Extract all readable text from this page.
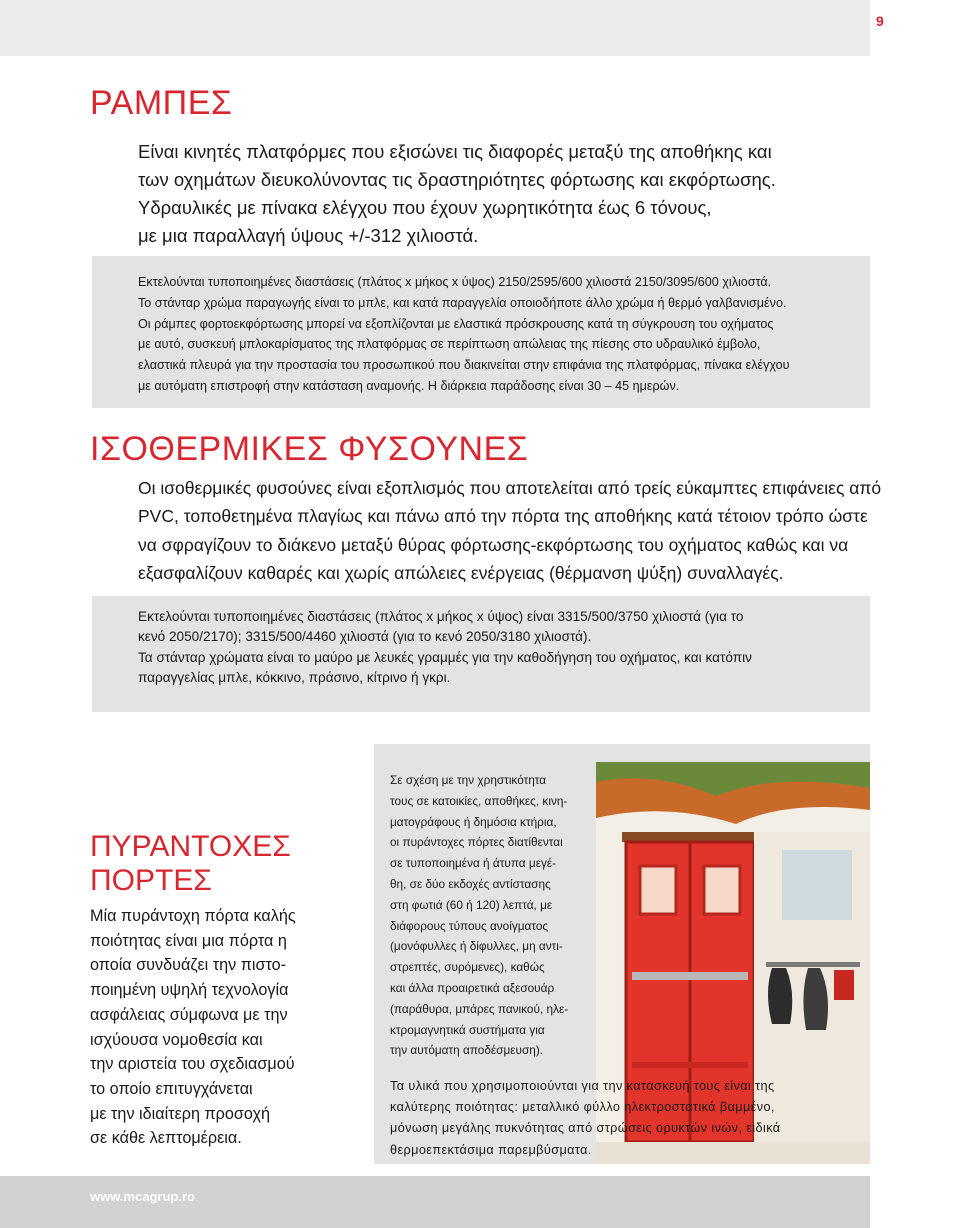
ΡΑΜΠΕΣ
Είναι κινητές πλατφόρμες που εξισώνει τις διαφορές μεταξύ της αποθήκης και
των οχημάτων διευκολύνοντας τις δραστηριότητες φόρτωσης και εκφόρτωσης.
Υδραυλικές με πίνακα ελέγχου που έχουν χωρητικότητα έως 6 τόνους,
με μια παραλλαγή ύψους +/-312 χιλιοστά.
Εκτελούνται τυποποιημένες διαστάσεις (πλάτος x μήκος x ύψος) 2150/2595/600 χιλιοστά 2150/3095/600 χιλιοστά.
Το στάνταρ χρώμα παραγωγής είναι το μπλε, και κατά παραγγελία οποιοδήποτε άλλο χρώμα ή θερμό γαλβανισμένο.
Οι ράμπες φορτοεκφόρτωσης μπορεί να εξοπλίζονται με ελαστικά πρόσκρουσης κατά τη σύγκρουση του οχήματος
με αυτό, συσκευή μπλοκαρίσματος της πλατφόρμας σε περίπτωση απώλειας της πίεσης στο υδραυλικό έμβολο,
ελαστικά πλευρά για την προστασία του προσωπικού που διακινείται στην επιφάνια της πλατφόρμας, πίνακα ελέγχου
με αυτόματη επιστροφή στην κατάσταση αναμονής. Η διάρκεια παράδοσης είναι 30 – 45 ημερών.
ΙΣΟΘΕΡΜΙΚΕΣ ΦΥΣΟΥΝΕΣ
Οι ισοθερμικές φυσούνες είναι εξοπλισμός που αποτελείται από τρείς εύκαμπτες επιφάνειες από
PVC, τοποθετημένα πλαγίως και πάνω από την πόρτα της αποθήκης κατά τέτοιον τρόπο ώστε
να σφραγίζουν το διάκενο μεταξύ θύρας φόρτωσης-εκφόρτωσης του οχήματος καθώς και να
εξασφαλίζουν καθαρές και χωρίς απώλειες ενέργειας (θέρμανση ψύξη) συναλλαγές.
Εκτελούνται τυποποιημένες διαστάσεις (πλάτος x μήκος x ύψος) είναι 3315/500/3750 χιλιοστά (για το
κενό 2050/2170); 3315/500/4460 χιλιοστά (για το κενό 2050/3180 χιλιοστά).
Τα στάνταρ χρώματα είναι το μαύρο με λευκές γραμμές για την καθοδήγηση του οχήματος, και κατόπιν
παραγγελίας μπλε, κόκκινο, πράσινο, κίτρινο ή γκρι.
ΠΥΡΑΝΤΟΧΕΣ
ΠΟΡΤΕΣ
Μία πυράντοχη πόρτα καλής
ποιότητας είναι μια πόρτα η
οποία συνδυάζει την πιστο-
ποιημένη υψηλή τεχνολογία
ασφάλειας σύμφωνα με την
ισχύουσα νομοθεσία και
την αριστεία του σχεδιασμού
το οποίο επιτυγχάνεται
με την ιδιαίτερη προσοχή
σε κάθε λεπτομέρεια.
Σε σχέση με την χρηστικότητα
τους σε κατοικίες, αποθήκες, κινη-
ματογράφους ή δημόσια κτήρια,
οι πυράντοχες πόρτες διατίθενται
σε τυποποιημένα ή άτυπα μεγέ-
θη, σε δύο εκδοχές αντίστασης
στη φωτιά (60 ή 120) λεπτά, με
διάφορους τύπους ανοίγματος
(μονόφυλλες ή δίφυλλες, μη αντι-
στρεπτές, συρόμενες), καθώς
και άλλα προαιρετικά αξεσουάρ
(παράθυρα, μπάρες πανικού, ηλε-
κτρομαγνητικά συστήματα για
την αυτόματη αποδέσμευση).
Τα υλικά που χρησιμοποιούνται για την κατασκευή τους είναι της
καλύτερης ποιότητας: μεταλλικό φύλλο ηλεκτροστατικά βαμμένο,
μόνωση μεγάλης πυκνότητας από στρώσεις ορυκτών ινών, ειδικά
θερμοεπεκτάσιμα παρεμβύσματα.
www.mcagrup.ro
9
